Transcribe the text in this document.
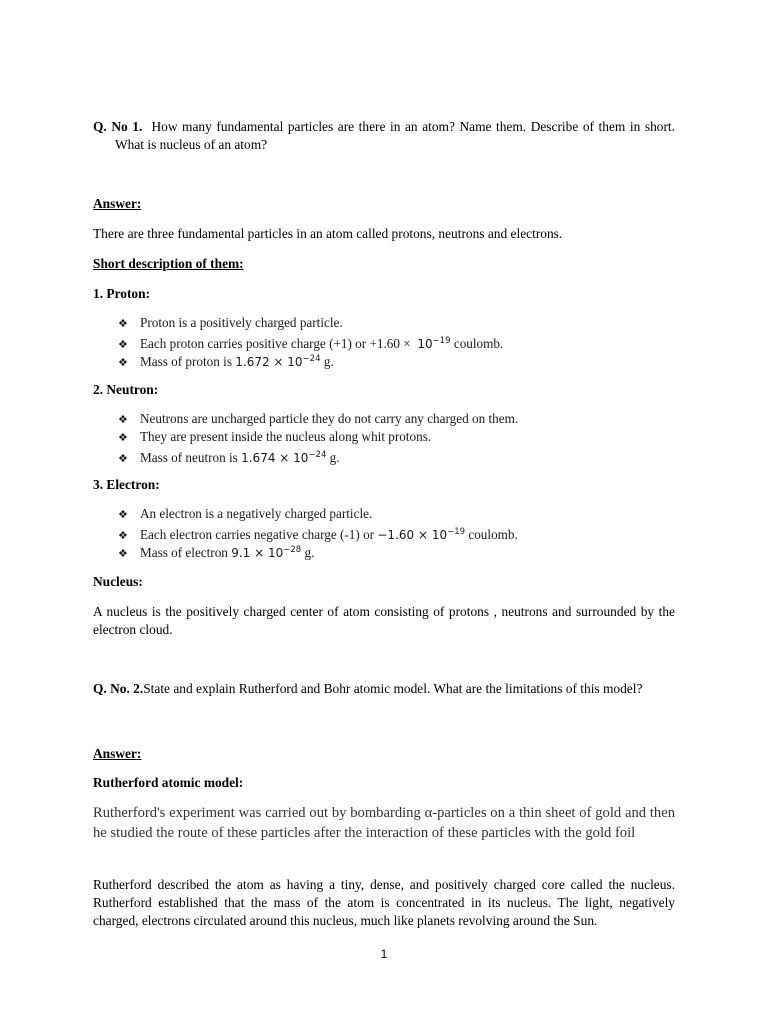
Q. No 1. How many fundamental particles are there in an atom? Name them. Describe of them in short. What is nucleus of an atom?
Answer:
There are three fundamental particles in an atom called protons, neutrons and electrons.
Short description of them:
1. Proton:
❖ Proton is a positively charged particle.
❖ Each proton carries positive charge (+1) or $+1.60 \times 10^{-19}$ coulomb.
❖ Mass of proton is $1.672 \times 10^{-24}$ g.
2. Neutron:
❖ Neutrons are uncharged particle they do not carry any charged on them.
❖ They are present inside the nucleus along whit protons.
❖ Mass of neutron is $1.674 \times 10^{-24}$ g.
3. Electron:
❖ An electron is a negatively charged particle.
❖ Each electron carries negative charge (-1) or $-1.60 \times 10^{-19}$ coulomb.
❖ Mass of electron $9.1 \times 10^{-28}$ g.
Nucleus:
A nucleus is the positively charged center of atom consisting of protons , neutrons and surrounded by the electron cloud.
Q. No. 2.State and explain Rutherford and Bohr atomic model. What are the limitations of this model?
Answer:
Rutherford atomic model:
Rutherford's experiment was carried out by bombarding α-particles on a thin sheet of gold and then he studied the route of these particles after the interaction of these particles with the gold foil
Rutherford described the atom as having a tiny, dense, and positively charged core called the nucleus. Rutherford established that the mass of the atom is concentrated in its nucleus. The light, negatively charged, electrons circulated around this nucleus, much like planets revolving around the Sun.
1
